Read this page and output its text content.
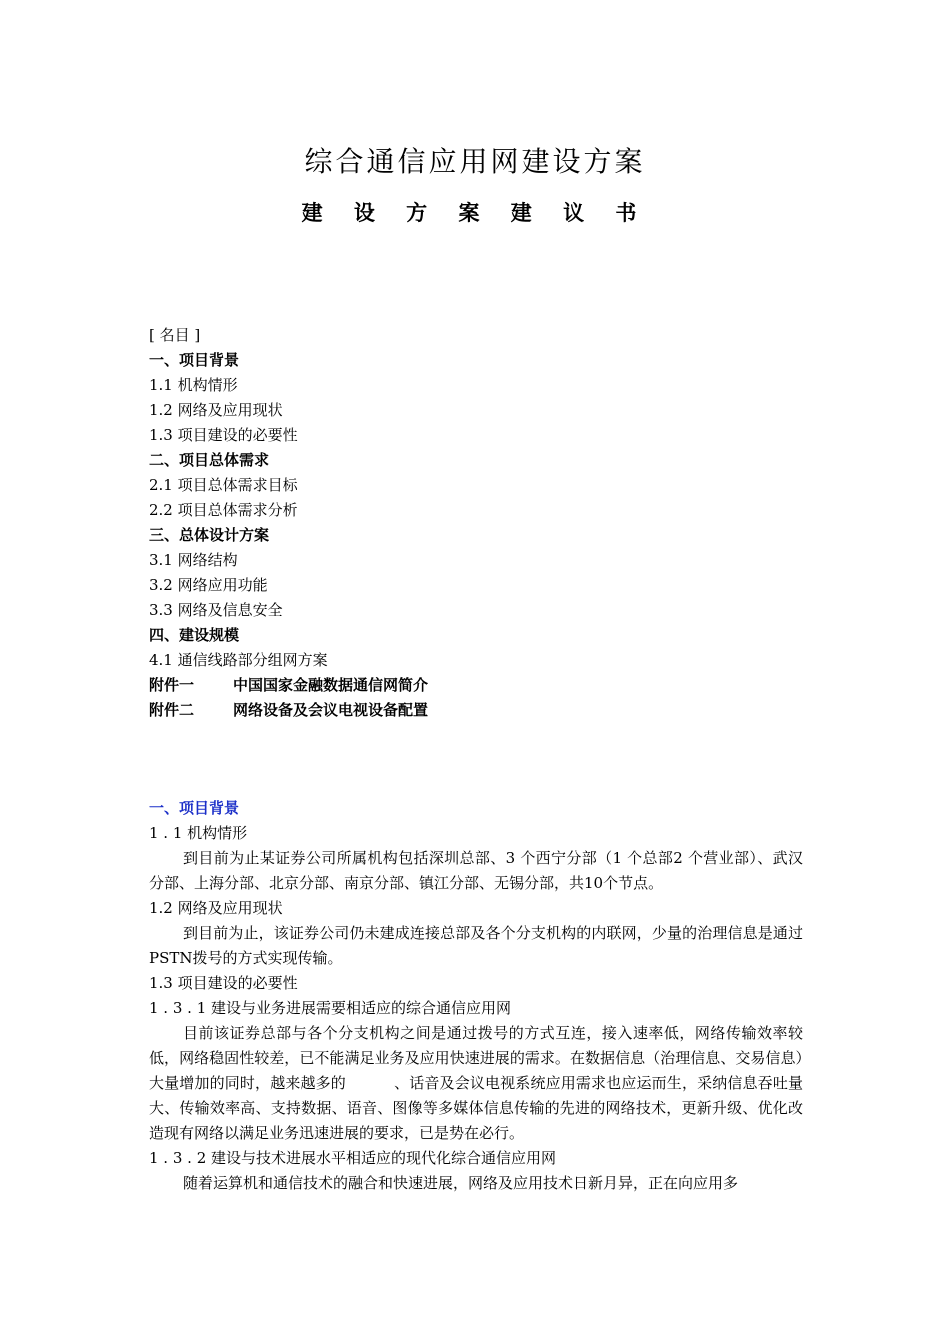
综合通信应用网建设方案
建 设 方 案 建 议 书
[ 名目 ]
一、项目背景
1.1 机构情形
1.2 网络及应用现状
1.3 项目建设的必要性
二、项目总体需求
2.1 项目总体需求目标
2.2 项目总体需求分析
三、总体设计方案
3.1 网络结构
3.2 网络应用功能
3.3 网络及信息安全
四、建设规模
4.1 通信线路部分组网方案
附件一	中国国家金融数据通信网简介
附件二	网络设备及会议电视设备配置
一、项目背景
1 . 1 机构情形
到目前为止某证券公司所属机构包括深圳总部、3 个西宁分部（1 个总部2 个营业部）、武汉分部、上海分部、北京分部、南京分部、镇江分部、无锡分部，共10个节点。
1.2 网络及应用现状
到目前为止，该证券公司仍未建成连接总部及各个分支机构的内联网，少量的治理信息是通过PSTN拨号的方式实现传输。
1.3 项目建设的必要性
1 . 3 . 1 建设与业务进展需要相适应的综合通信应用网
目前该证券总部与各个分支机构之间是通过拨号的方式互连，接入速率低，网络传输效率较低，网络稳固性较差，已不能满足业务及应用快速进展的需求。在数据信息（治理信息、交易信息）大量增加的同时，越来越多的	、话音及会议电视系统应用需求也应运而生，采纳信息吞吐量大、传输效率高、支持数据、语音、图像等多媒体信息传输的先进的网络技术，更新升级、优化改造现有网络以满足业务迅速进展的要求，已是势在必行。
1 . 3 . 2 建设与技术进展水平相适应的现代化综合通信应用网
随着运算机和通信技术的融合和快速进展，网络及应用技术日新月异，正在向应用多
